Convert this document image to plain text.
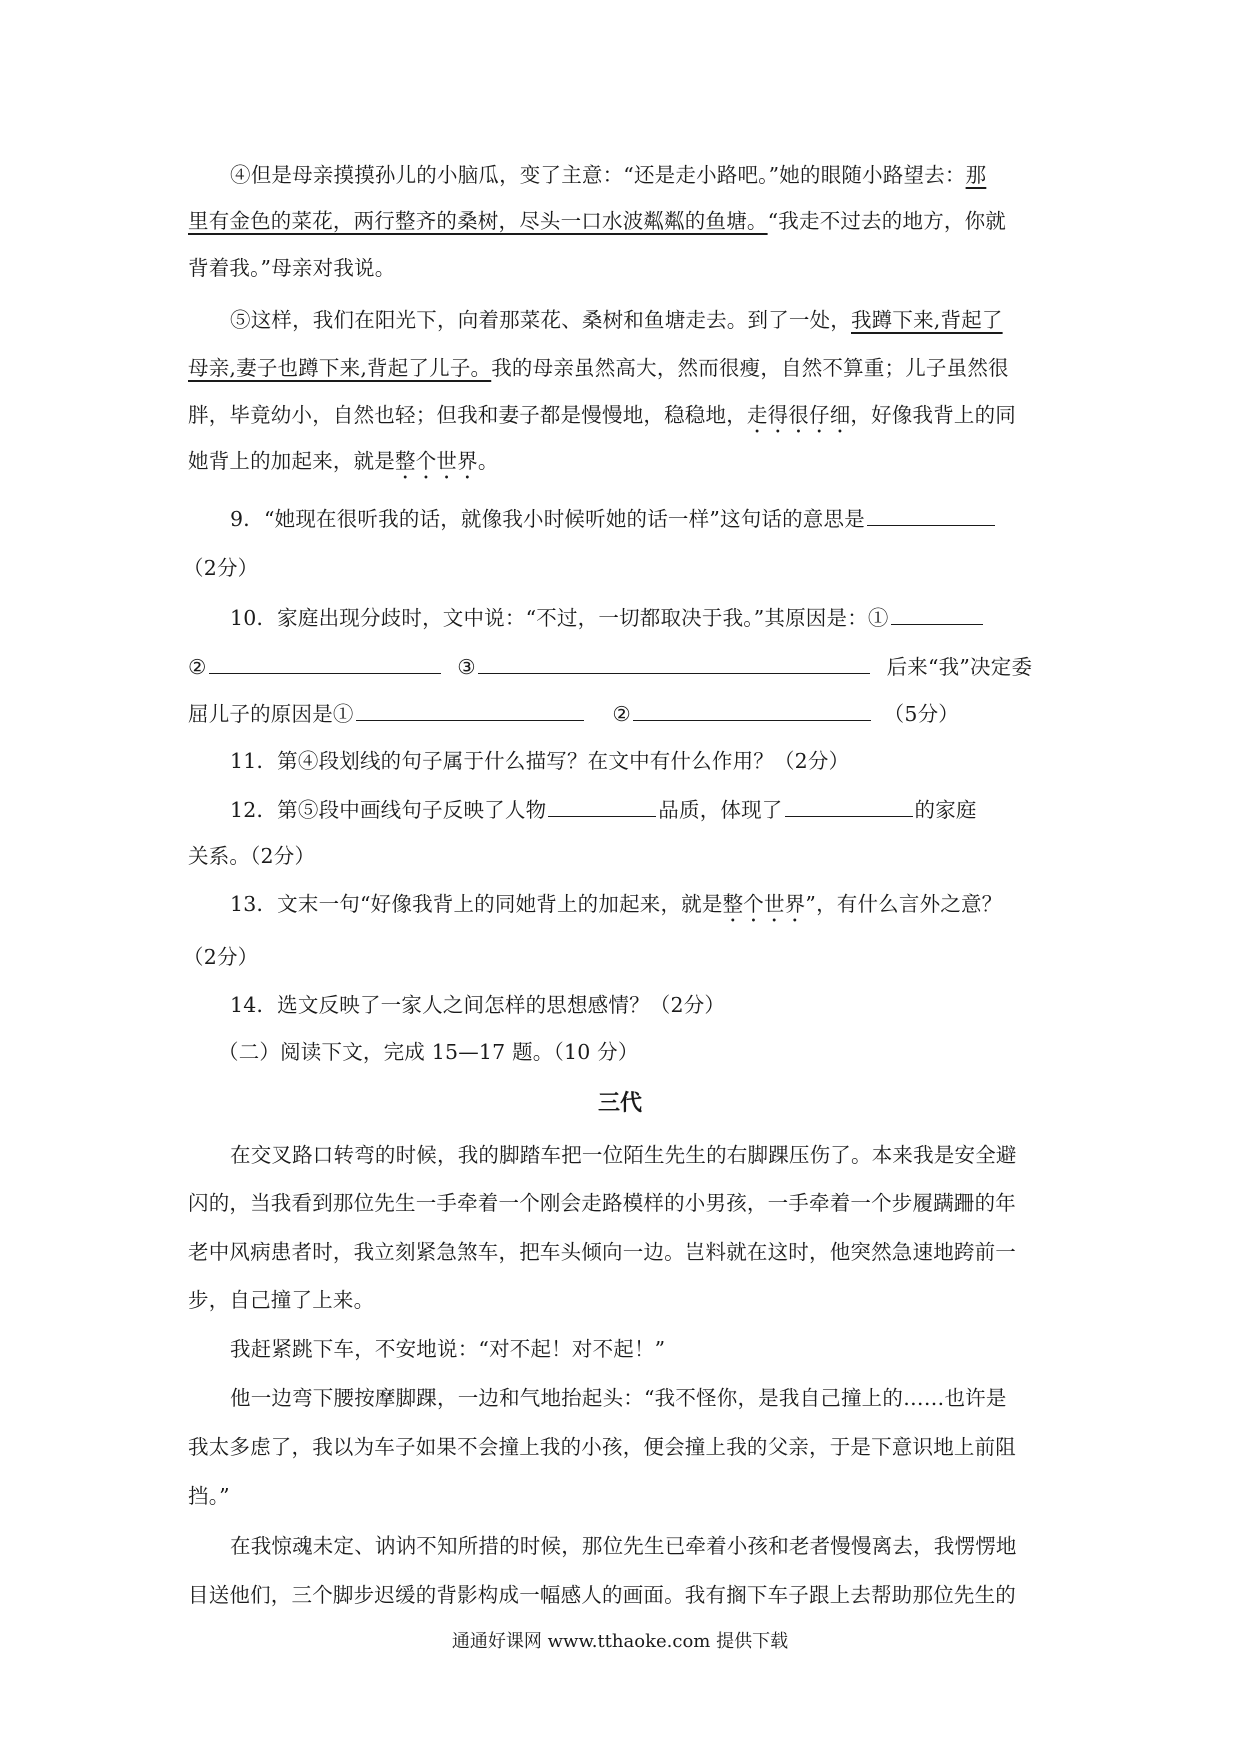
④但是母亲摸摸孙儿的小脑瓜，变了主意：“还是走小路吧。”她的眼随小路望去：那
里有金色的菜花，两行整齐的桑树，尽头一口水波粼粼的鱼塘。“我走不过去的地方，你就
背着我。”母亲对我说。
⑤这样，我们在阳光下，向着那菜花、桑树和鱼塘走去。到了一处，我蹲下来,背起了
母亲,妻子也蹲下来,背起了儿子。我的母亲虽然高大，然而很瘦，自然不算重；儿子虽然很
胖，毕竟幼小，自然也轻；但我和妻子都是慢慢地，稳稳地，走得很仔细，好像我背上的同
她背上的加起来，就是整个世界。
9．“她现在很听我的话，就像我小时候听她的话一样”这句话的意思是
（2分）
10．家庭出现分歧时，文中说：“不过，一切都取决于我。”其原因是：①
②	③	后来“我”决定委
屈儿子的原因是①	②	（5分）
11．第④段划线的句子属于什么描写？在文中有什么作用？（2分）
12．第⑤段中画线句子反映了人物	品质，体现了	的家庭
关系。（2分）
13．文末一句“好像我背上的同她背上的加起来，就是整个世界”，有什么言外之意？
（2分）
14．选文反映了一家人之间怎样的思想感情？（2分）
（二）阅读下文，完成 15—17 题。（10 分）
三代
在交叉路口转弯的时候，我的脚踏车把一位陌生先生的右脚踝压伤了。本来我是安全避
闪的，当我看到那位先生一手牵着一个刚会走路模样的小男孩，一手牵着一个步履蹒跚的年
老中风病患者时，我立刻紧急煞车，把车头倾向一边。岂料就在这时，他突然急速地跨前一
步，自己撞了上来。
我赶紧跳下车，不安地说：“对不起！对不起！”
他一边弯下腰按摩脚踝，一边和气地抬起头：“我不怪你，是我自己撞上的……也许是
我太多虑了，我以为车子如果不会撞上我的小孩，便会撞上我的父亲，于是下意识地上前阻
挡。”
在我惊魂未定、讷讷不知所措的时候，那位先生已牵着小孩和老者慢慢离去，我愣愣地
目送他们，三个脚步迟缓的背影构成一幅感人的画面。我有搁下车子跟上去帮助那位先生的
通通好课网 www.tthaoke.com 提供下载
